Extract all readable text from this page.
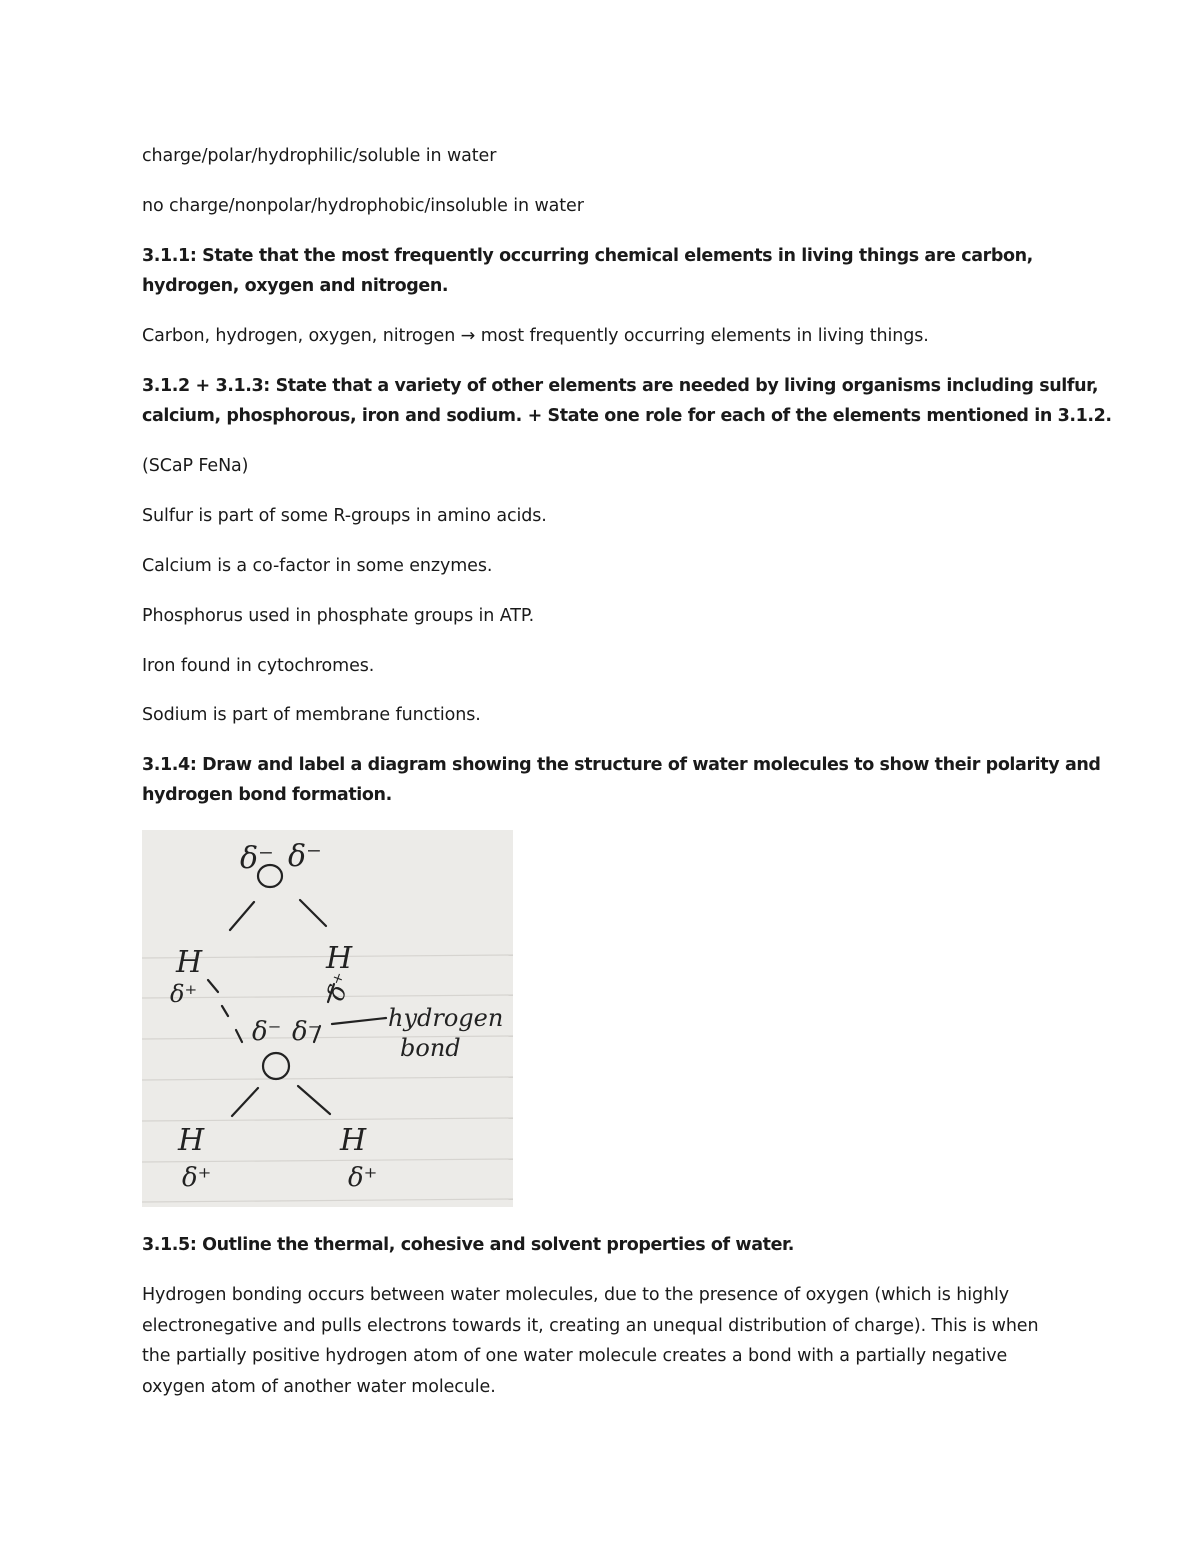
charge/polar/hydrophilic/soluble in water
no charge/nonpolar/hydrophobic/insoluble in water
3.1.1: State that the most frequently occurring chemical elements in living things are carbon,
hydrogen, oxygen and nitrogen.
Carbon, hydrogen, oxygen, nitrogen → most frequently occurring elements in living things.
3.1.2 + 3.1.3: State that a variety of other elements are needed by living organisms including sulfur,
calcium, phosphorous, iron and sodium. + State one role for each of the elements mentioned in 3.1.2.
(SCaP FeNa)
Sulfur is part of some R-groups in amino acids.
Calcium is a co-factor in some enzymes.
Phosphorus used in phosphate groups in ATP.
Iron found in cytochromes.
Sodium is part of membrane functions.
3.1.4: Draw and label a diagram showing the structure of water molecules to show their polarity and
hydrogen bond formation.
δ⁻ δ⁻
H
δ⁺
H
δ⁺
δ⁻ δ⁻
H
δ⁺
H
δ⁺
hydrogen
bond
3.1.5: Outline the thermal, cohesive and solvent properties of water.
Hydrogen bonding occurs between water molecules, due to the presence of oxygen (which is highly
electronegative and pulls electrons towards it, creating an unequal distribution of charge). This is when
the partially positive hydrogen atom of one water molecule creates a bond with a partially negative
oxygen atom of another water molecule.
